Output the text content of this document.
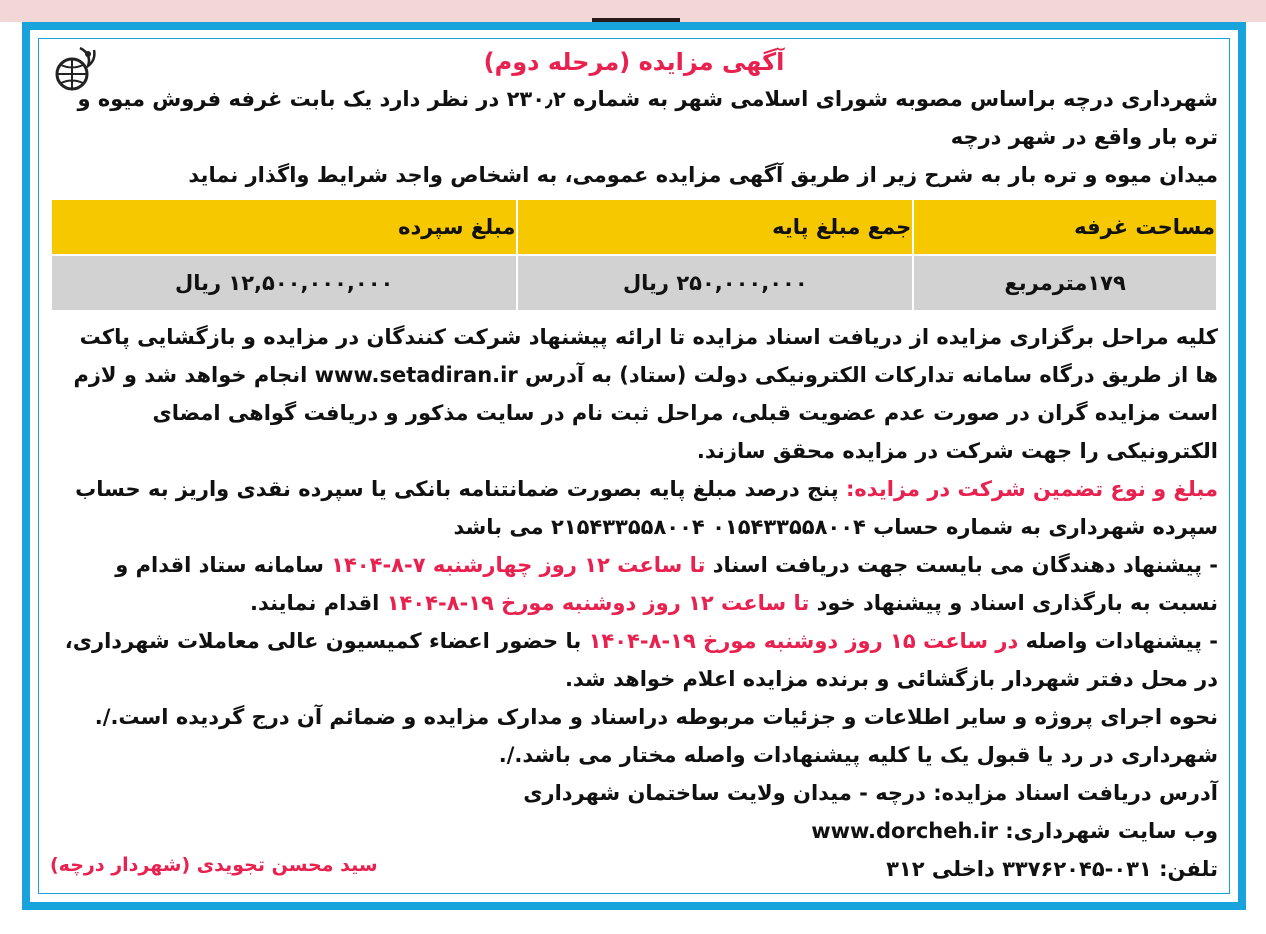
آگهی مزایده (مرحله دوم)
شهرداری درچه براساس مصوبه شورای اسلامی شهر به شماره ۲۳۰٫۲ در نظر دارد یک بابت غرفه فروش میوه و تره بار واقع در شهر درچه
میدان میوه و تره بار به شرح زیر از طریق آگهی مزایده عمومی، به اشخاص واجد شرایط واگذار نماید
مساحت غرفه	جمع مبلغ پایه	مبلغ سپرده
۱۷۹مترمربع	۲۵۰,۰۰۰,۰۰۰ ریال	۱۲,۵۰۰,۰۰۰,۰۰۰ ریال
کلیه مراحل برگزاری مزایده از دریافت اسناد مزایده تا ارائه پیشنهاد شرکت کنندگان در مزایده و بازگشایی پاکت ها از طریق درگاه سامانه تدارکات الکترونیکی دولت (ستاد) به آدرس www.setadiran.ir انجام خواهد شد و لازم است مزایده گران در صورت عدم عضویت قبلی، مراحل ثبت نام در سایت مذکور و دریافت گواهی امضای الکترونیکی را جهت شرکت در مزایده محقق سازند.
مبلغ و نوع تضمین شرکت در مزایده: پنج درصد مبلغ پایه بصورت ضمانتنامه بانکی یا سپرده نقدی واریز به حساب سپرده شهرداری به شماره حساب ۰۱۵۴۳۳۵۵۸۰۰۴ ۲۱۵۴۳۳۵۵۸۰۰۴ می باشد
- پیشنهاد دهندگان می بایست جهت دریافت اسناد تا ساعت ۱۲ روز چهارشنبه ۷-۸-۱۴۰۴ سامانه ستاد اقدام و نسبت به بارگذاری اسناد و پیشنهاد خود تا ساعت ۱۲ روز دوشنبه مورخ ۱۹-۸-۱۴۰۴ اقدام نمایند.
- پیشنهادات واصله در ساعت ۱۵ روز دوشنبه مورخ ۱۹-۸-۱۴۰۴ با حضور اعضاء کمیسیون عالی معاملات شهرداری، در محل دفتر شهردار بازگشائی و برنده مزایده اعلام خواهد شد.
نحوه اجرای پروژه و سایر اطلاعات و جزئیات مربوطه دراسناد و مدارک مزایده و ضمائم آن درج گردیده است./.
شهرداری در رد یا قبول یک یا کلیه پیشنهادات واصله مختار می باشد./.
آدرس دریافت اسناد مزایده: درچه - میدان ولایت ساختمان شهرداری
وب سایت شهرداری: www.dorcheh.ir
تلفن: ۰۳۱-۳۳۷۶۲۰۴۵ داخلی ۳۱۲
سید محسن تجویدی (شهردار درچه)
